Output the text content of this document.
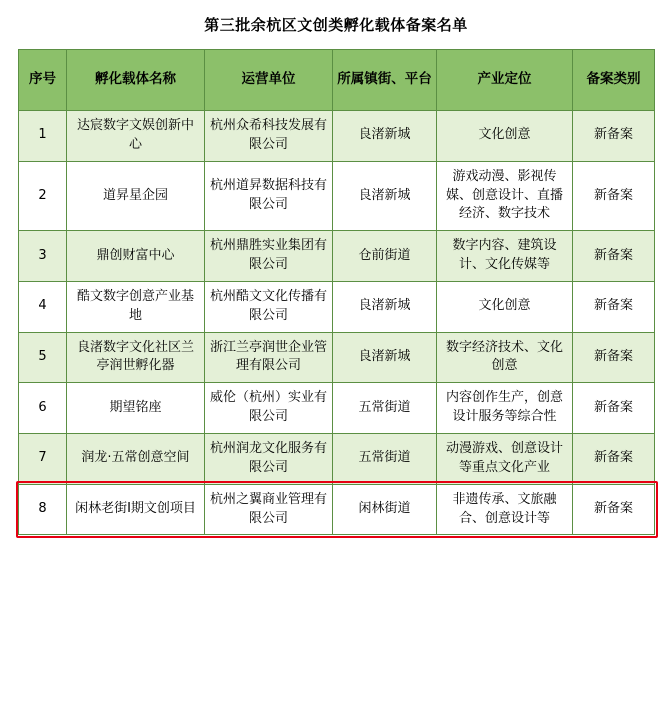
第三批余杭区文创类孵化载体备案名单
序号	孵化载体名称	运营单位	所属镇街、平台	产业定位	备案类别
1	达宸数字文娱创新中心	杭州众希科技发展有限公司	良渚新城	文化创意	新备案
2	道昇星企园	杭州道昇数据科技有限公司	良渚新城	游戏动漫、影视传媒、创意设计、直播经济、数字技术	新备案
3	鼎创财富中心	杭州鼎胜实业集团有限公司	仓前街道	数字内容、建筑设计、文化传媒等	新备案
4	酷文数字创意产业基地	杭州酷文文化传播有限公司	良渚新城	文化创意	新备案
5	良渚数字文化社区兰亭润世孵化器	浙江兰亭润世企业管理有限公司	良渚新城	数字经济技术、文化创意	新备案
6	期望铭座	威伦（杭州）实业有限公司	五常街道	内容创作生产，创意设计服务等综合性	新备案
7	润龙·五常创意空间	杭州润龙文化服务有限公司	五常街道	动漫游戏、创意设计等重点文化产业	新备案
8	闲林老街Ⅰ期文创项目	杭州之翼商业管理有限公司	闲林街道	非遗传承、文旅融合、创意设计等	新备案
